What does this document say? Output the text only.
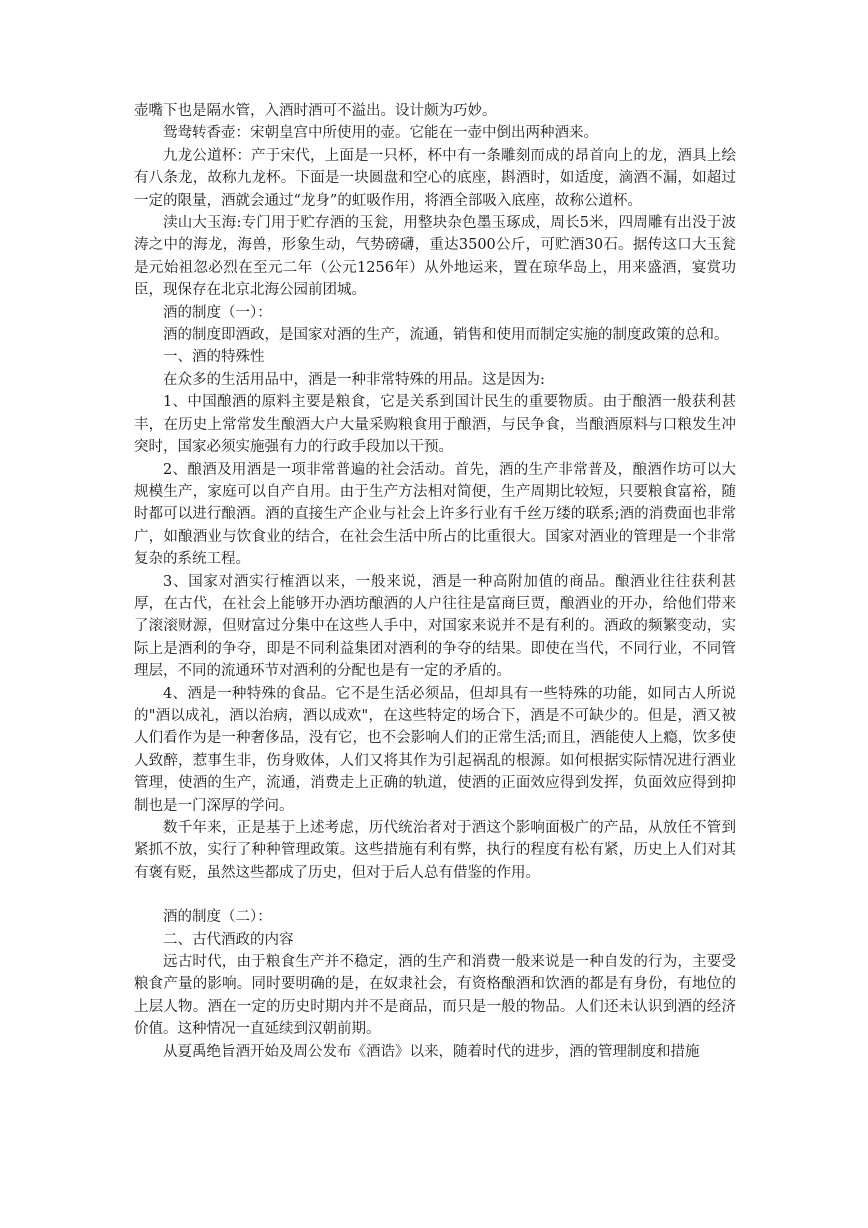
壶嘴下也是隔水管，入酒时酒可不溢出。设计颇为巧妙。

鸳鸯转香壶：宋朝皇宫中所使用的壶。它能在一壶中倒出两种酒来。

九龙公道杯：产于宋代，上面是一只杯，杯中有一条雕刻而成的昂首向上的龙，酒具上绘有八条龙，故称九龙杯。下面是一块圆盘和空心的底座，斟酒时，如适度，滴酒不漏，如超过一定的限量，酒就会通过“龙身”的虹吸作用，将酒全部吸入底座，故称公道杯。

渎山大玉海:专门用于贮存酒的玉瓮，用整块杂色墨玉琢成，周长5米，四周雕有出没于波涛之中的海龙，海兽，形象生动，气势磅礴，重达3500公斤，可贮酒30石。据传这口大玉瓮是元始祖忽必烈在至元二年（公元1256年）从外地运来，置在琼华岛上，用来盛酒，宴赏功臣，现保存在北京北海公园前团城。

酒的制度（一）：

酒的制度即酒政，是国家对酒的生产，流通，销售和使用而制定实施的制度政策的总和。

一、酒的特殊性

在众多的生活用品中，酒是一种非常特殊的用品。这是因为:

1、中国酿酒的原料主要是粮食，它是关系到国计民生的重要物质。由于酿酒一般获利甚丰，在历史上常常发生酿酒大户大量采购粮食用于酿酒，与民争食，当酿酒原料与口粮发生冲突时，国家必须实施强有力的行政手段加以干预。

2、酿酒及用酒是一项非常普遍的社会活动。首先，酒的生产非常普及，酿酒作坊可以大规模生产，家庭可以自产自用。由于生产方法相对简便，生产周期比较短，只要粮食富裕，随时都可以进行酿酒。酒的直接生产企业与社会上许多行业有千丝万缕的联系;酒的消费面也非常广，如酿酒业与饮食业的结合，在社会生活中所占的比重很大。国家对酒业的管理是一个非常复杂的系统工程。

3、国家对酒实行榷酒以来，一般来说，酒是一种高附加值的商品。酿酒业往往获利甚厚，在古代，在社会上能够开办酒坊酿酒的人户往往是富商巨贾，酿酒业的开办，给他们带来了滚滚财源，但财富过分集中在这些人手中，对国家来说并不是有利的。酒政的频繁变动，实际上是酒利的争夺，即是不同利益集团对酒利的争夺的结果。即使在当代，不同行业，不同管理层，不同的流通环节对酒利的分配也是有一定的矛盾的。

4、酒是一种特殊的食品。它不是生活必须品，但却具有一些特殊的功能，如同古人所说的"酒以成礼，酒以治病，酒以成欢"，在这些特定的场合下，酒是不可缺少的。但是，酒又被人们看作为是一种奢侈品，没有它，也不会影响人们的正常生活;而且，酒能使人上瘾，饮多使人致醉，惹事生非，伤身败体，人们又将其作为引起祸乱的根源。如何根据实际情况进行酒业管理，使酒的生产，流通，消费走上正确的轨道，使酒的正面效应得到发挥，负面效应得到抑制也是一门深厚的学问。

数千年来，正是基于上述考虑，历代统治者对于酒这个影响面极广的产品，从放任不管到紧抓不放，实行了种种管理政策。这些措施有利有弊，执行的程度有松有紧，历史上人们对其有褒有贬，虽然这些都成了历史，但对于后人总有借鉴的作用。

酒的制度（二）：

二、古代酒政的内容

远古时代，由于粮食生产并不稳定，酒的生产和消费一般来说是一种自发的行为，主要受粮食产量的影响。同时要明确的是，在奴隶社会，有资格酿酒和饮酒的都是有身份，有地位的上层人物。酒在一定的历史时期内并不是商品，而只是一般的物品。人们还未认识到酒的经济价值。这种情况一直延续到汉朝前期。

从夏禹绝旨酒开始及周公发布《酒诰》以来，随着时代的进步，酒的管理制度和措施
